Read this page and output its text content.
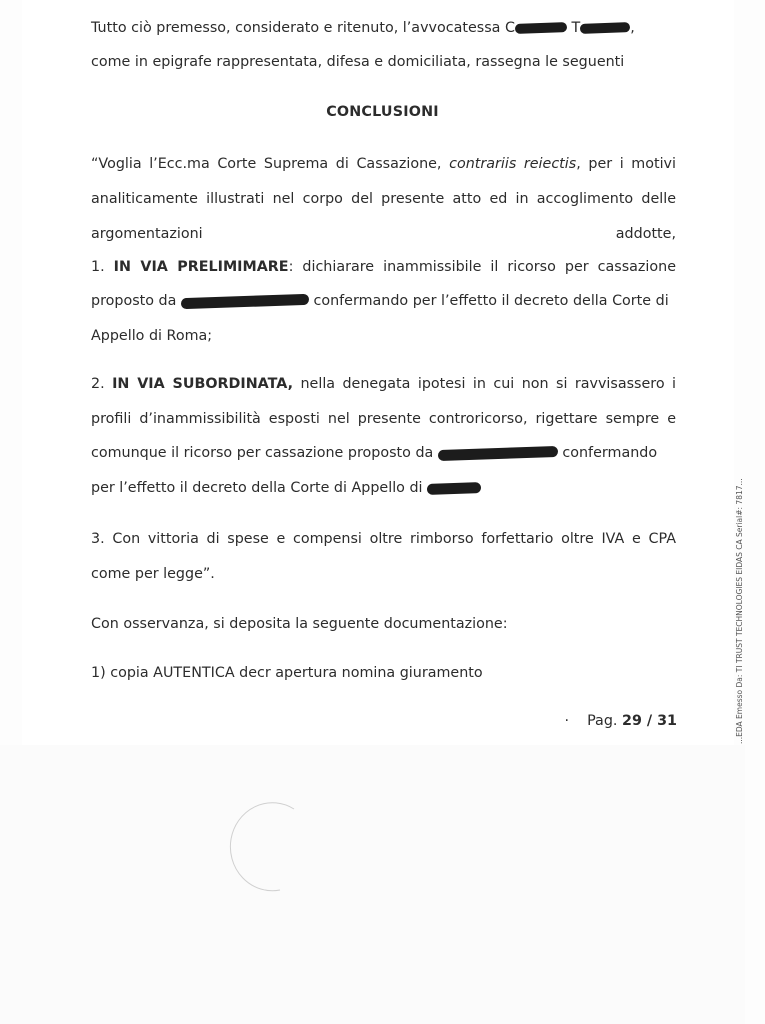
Tutto ciò premesso, considerato e ritenuto, l’avvocatessa C	T	,
come in epigrafe rappresentata, difesa e domiciliata, rassegna le seguenti
CONCLUSIONI
“Voglia l’Ecc.ma Corte Suprema di Cassazione, contrariis reiectis, per i motivi
analiticamente illustrati nel corpo del presente atto ed in accoglimento delle
argomentazioni	addotte,
1. IN VIA PRELIMIMARE: dichiarare inammissibile il ricorso per cassazione
proposto da	confermando per l’effetto il decreto della Corte di
Appello di Roma;
2. IN VIA SUBORDINATA, nella denegata ipotesi in cui non si ravvisassero i
profili d’inammissibilità esposti nel presente controricorso, rigettare sempre e
comunque il ricorso per cassazione proposto da	confermando
per l’effetto il decreto della Corte di Appello di
3. Con vittoria di spese e compensi oltre rimborso forfettario oltre IVA e CPA
come per legge”.
Con osservanza, si deposita la seguente documentazione:
1) copia AUTENTICA decr apertura nomina giuramento
· Pag. 29 / 31	...EDA Emesso Da: TI TRUST TECHNOLOGIES EIDAS CA Serial#: 7817...
